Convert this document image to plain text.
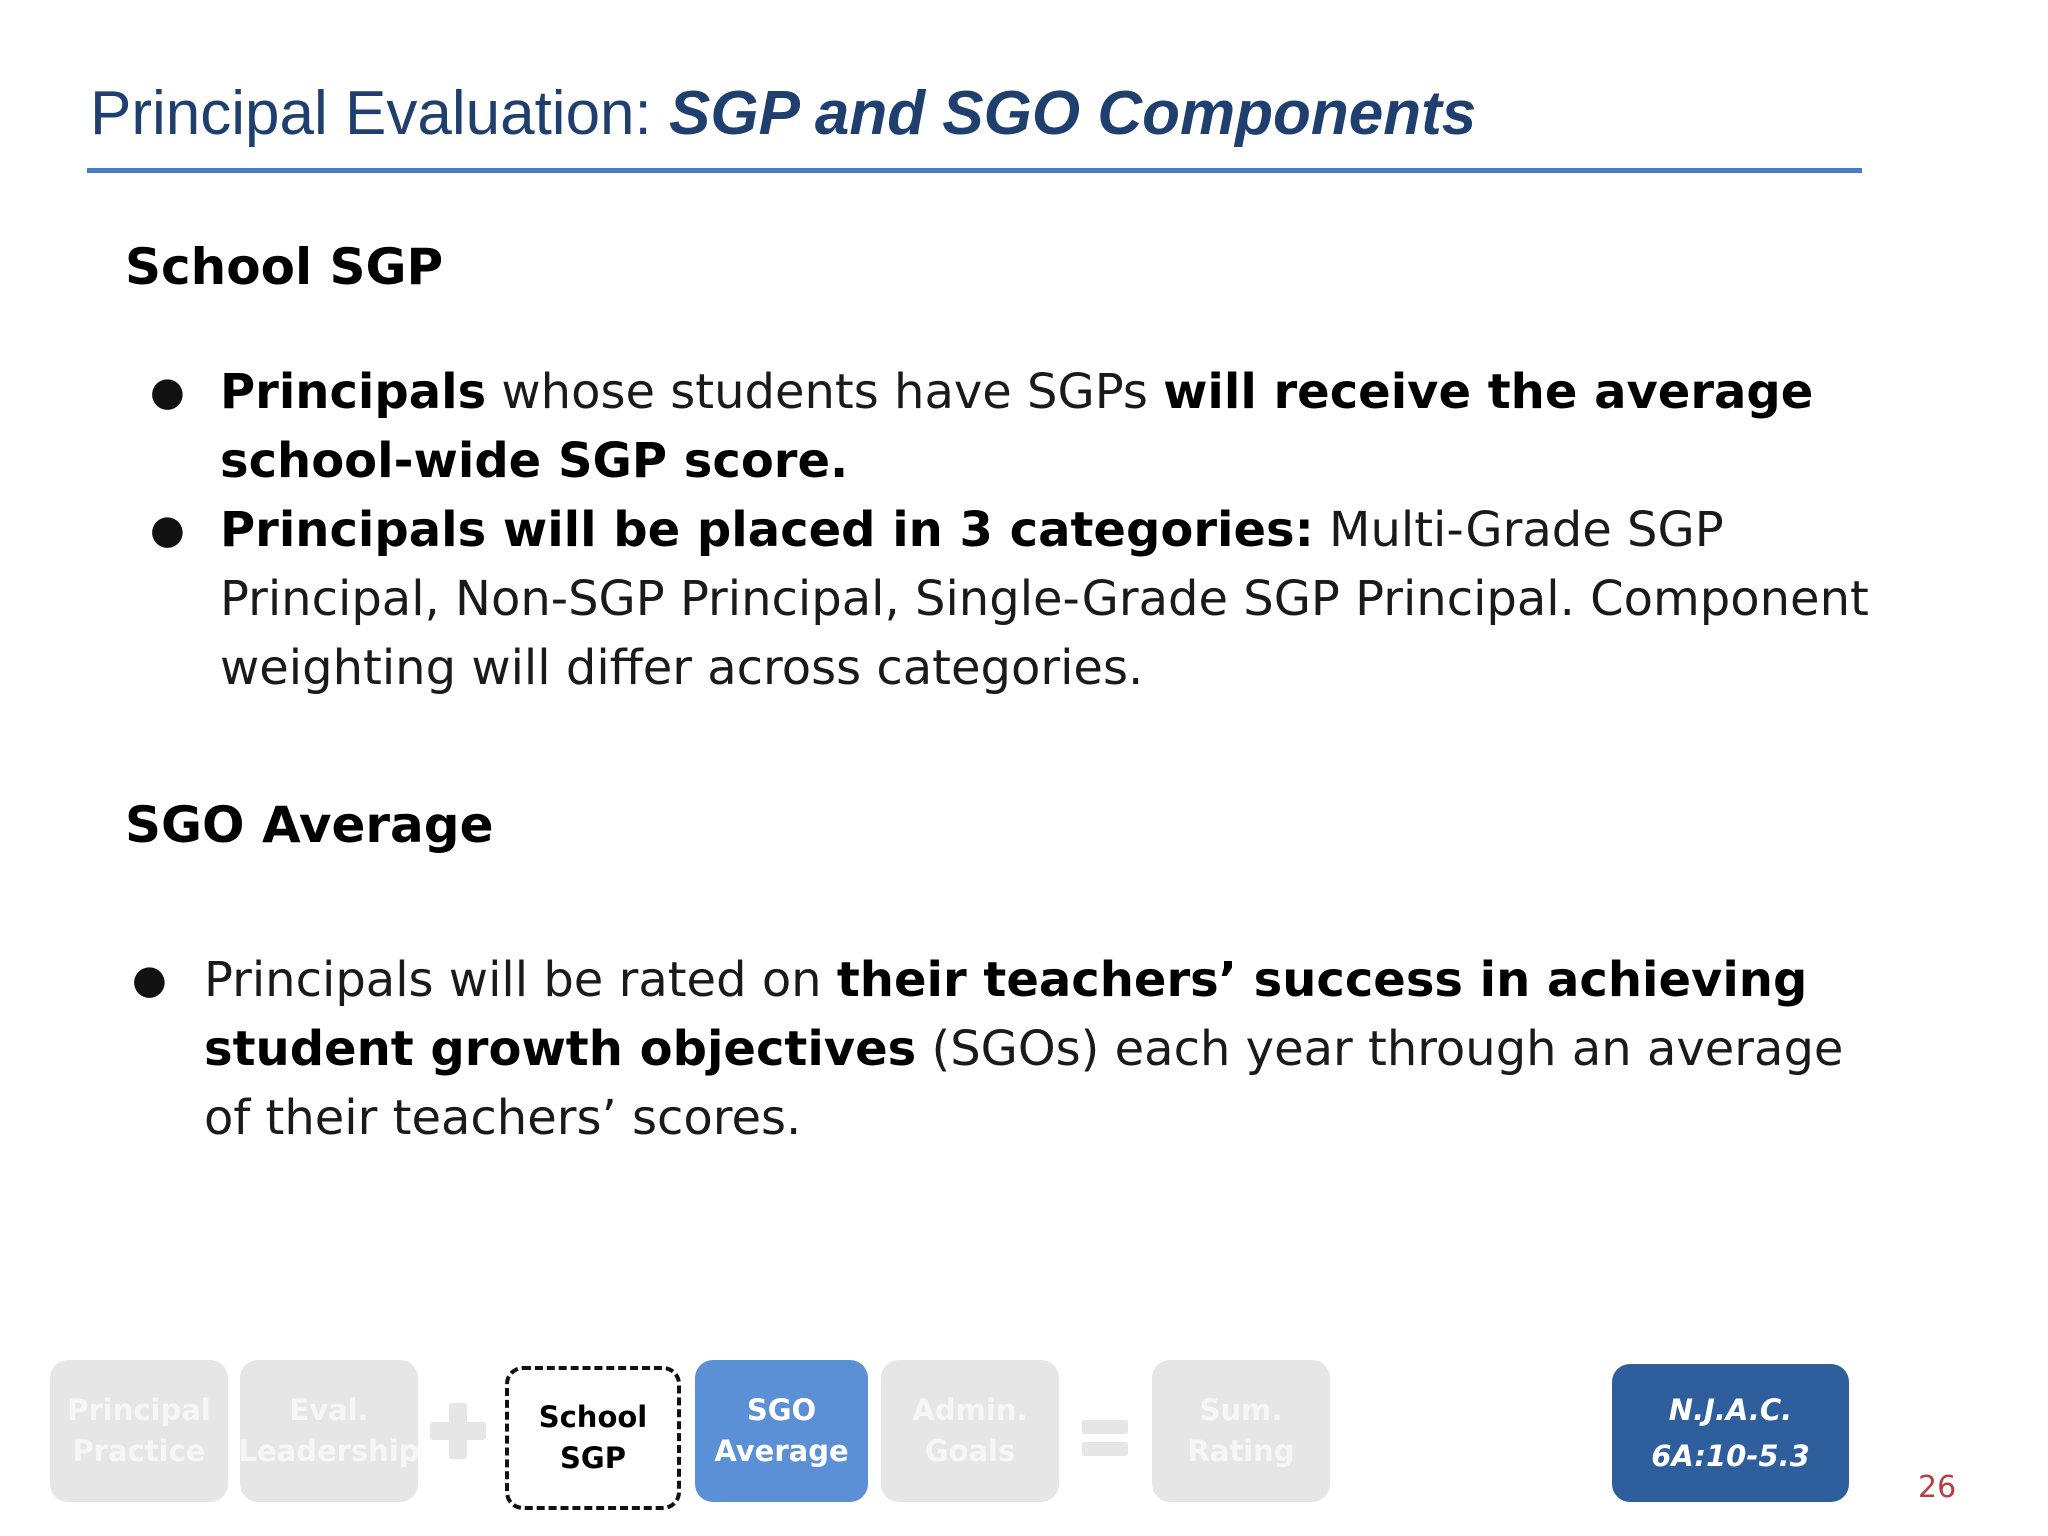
Principal Evaluation: SGP and SGO Components
School SGP
● Principals whose students have SGPs will receive the average school-wide SGP score.
● Principals will be placed in 3 categories: Multi-Grade SGP Principal, Non-SGP Principal, Single-Grade SGP Principal. Component weighting will differ across categories.
SGO Average
● Principals will be rated on their teachers’ success in achieving student growth objectives (SGOs) each year through an average of their teachers’ scores.
Principal
Practice
Eval.
Leadership
School
SGP
SGO
Average
Admin.
Goals
Sum.
Rating
N.J.A.C.
6A:10-5.3
26
